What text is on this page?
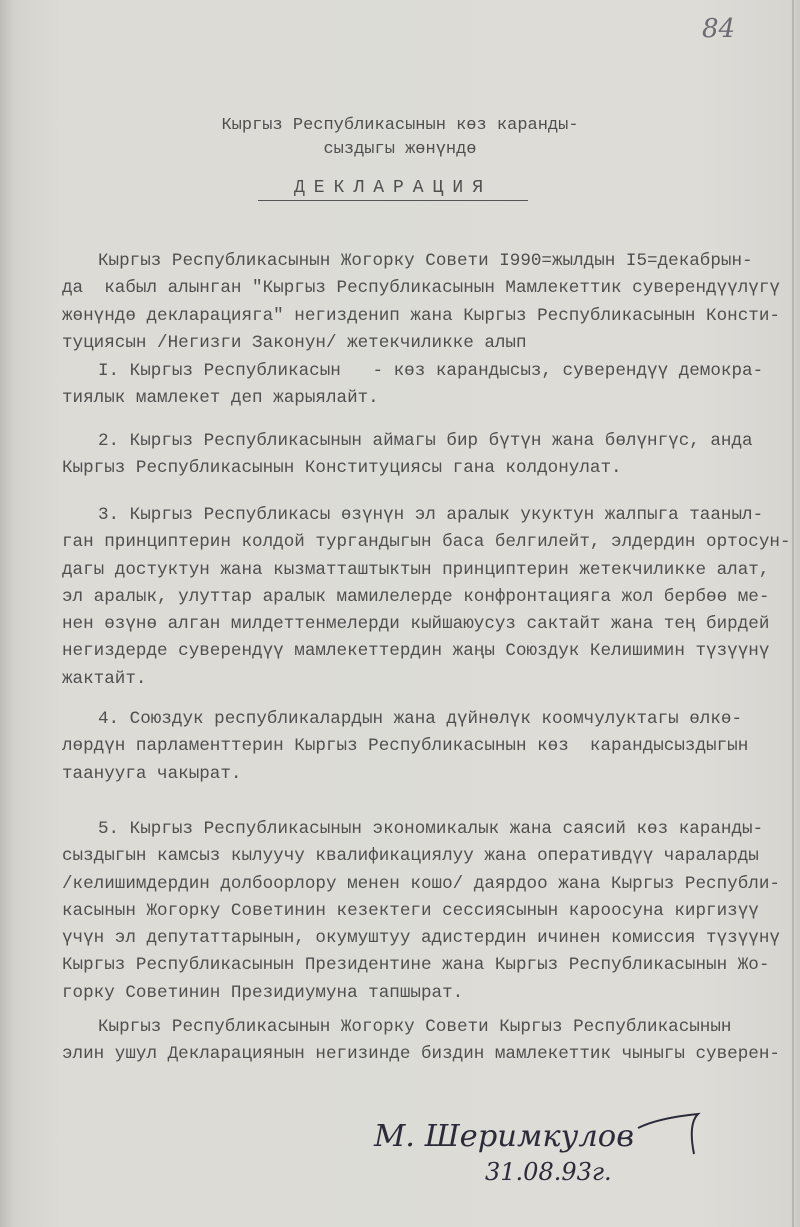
84
Кыргыз Республикасынын көз каранды-
сыздыгы жөнүндө
ДЕКЛАРАЦИЯ
Кыргыз Республикасынын Жогорку Совети I990=жылдын I5=декабрын-
да  кабыл алынган "Кыргыз Республикасынын Мамлекеттик суверендүүлүгү
жөнүндө декларацияга" негизденип жана Кыргыз Республикасынын Консти-
туциясын /Негизги Законун/ жетекчиликке алып
I. Кыргыз Республикасын   - көз карандысыз, суверендүү демокра-
тиялык мамлекет деп жарыялайт.
2. Кыргыз Республикасынын аймагы бир бүтүн жана бөлүнгүс, анда
Кыргыз Республикасынын Конституциясы гана колдонулат.
3. Кыргыз Республикасы өзүнүн эл аралык укуктун жалпыга тааныл-
ган принциптерин колдой тургандыгын баса белгилейт, элдердин ортосун-
дагы достуктун жана кызматташтыктын принциптерин жетекчиликке алат,
эл аралык, улуттар аралык мамилелерде конфронтацияга жол бербөө ме-
нен өзүнө алган милдеттенмелерди кыйшаюусуз сактайт жана тең бирдей
негиздерде суверендүү мамлекеттердин жаңы Союздук Келишимин түзүүнү
жактайт.
4. Союздук республикалардын жана дүйнөлүк коомчулуктагы өлкө-
лөрдүн парламенттерин Кыргыз Республикасынын көз  карандысыздыгын
таанууга чакырат.
5. Кыргыз Республикасынын экономикалык жана саясий көз каранды-
сыздыгын камсыз кылуучу квалификациялуу жана оперативдүү чараларды
/келишимдердин долбоорлору менен кошо/ даярдоо жана Кыргыз Республи-
касынын Жогорку Советинин кезектеги сессиясынын кароосуна киргизүү
үчүн эл депутаттарынын, окумуштуу адистердин ичинен комиссия түзүүнү
Кыргыз Республикасынын Президентине жана Кыргыз Республикасынын Жо-
горку Советинин Президиумуна тапшырат.
Кыргыз Республикасынын Жогорку Совети Кыргыз Республикасынын
элин ушул Декларациянын негизинде биздин мамлекеттик чыныгы суверен-
М. Шеримкулов
31.08.93г.
